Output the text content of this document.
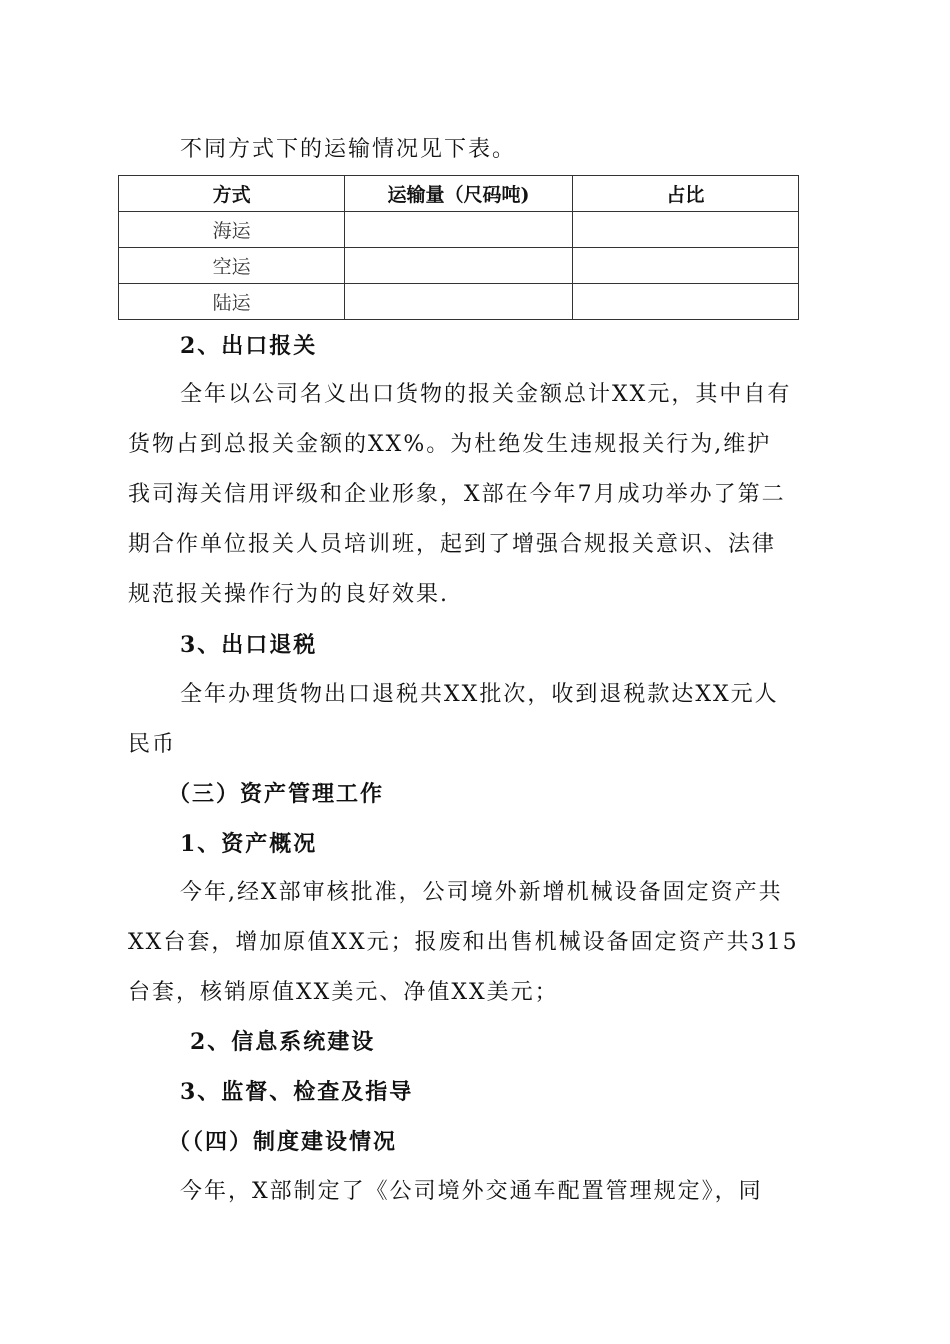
不同方式下的运输情况见下表。
方式	运输量（尺码吨)	占比
海运		
空运		
陆运		
2、出口报关
全年以公司名义出口货物的报关金额总计XX元，其中自有
货物占到总报关金额的XX%。为杜绝发生违规报关行为,维护
我司海关信用评级和企业形象，X部在今年7月成功举办了第二
期合作单位报关人员培训班，起到了增强合规报关意识、法律
规范报关操作行为的良好效果.
3、出口退税
全年办理货物出口退税共XX批次，收到退税款达XX元人
民币
（三）资产管理工作
1、资产概况
今年,经X部审核批准，公司境外新增机械设备固定资产共
XX台套，增加原值XX元；报废和出售机械设备固定资产共315
台套，核销原值XX美元、净值XX美元；
2、信息系统建设
3、监督、检查及指导
（（四）制度建设情况
今年，X部制定了《公司境外交通车配置管理规定》，同
